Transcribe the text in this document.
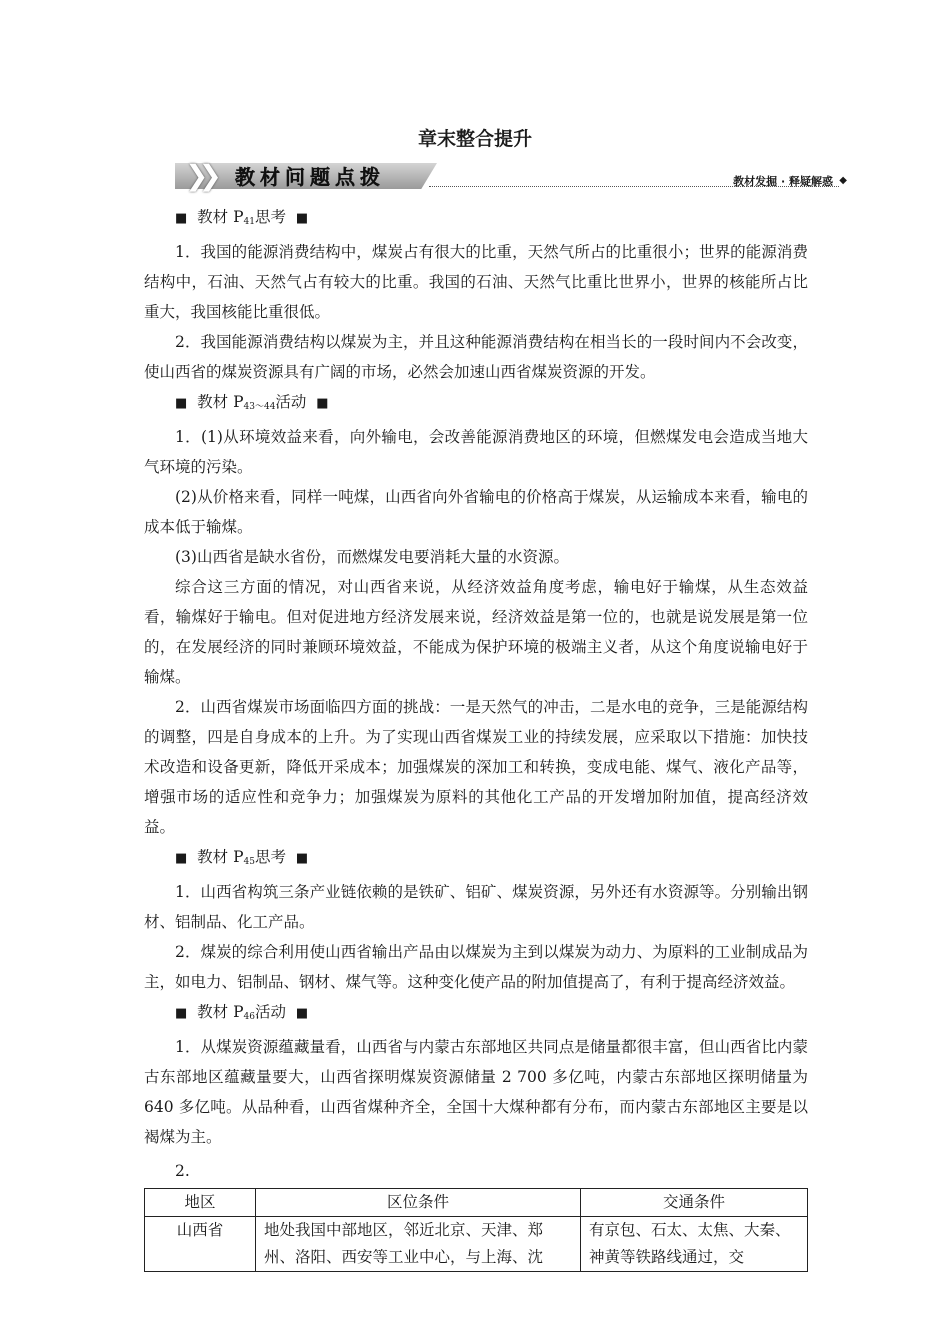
章末整合提升
❯❯	教材问题点拨	教材发掘 · 释疑解惑 ◆

■ 教材 $P_{41}$思考 ■

1．我国的能源消费结构中，煤炭占有很大的比重，天然气所占的比重很小；世界的能源消费结构中，石油、天然气占有较大的比重。我国的石油、天然气比重比世界小，世界的核能所占比重大，我国核能比重很低。

2．我国能源消费结构以煤炭为主，并且这种能源消费结构在相当长的一段时间内不会改变，使山西省的煤炭资源具有广阔的市场，必然会加速山西省煤炭资源的开发。

■ 教材 $P_{43\sim 44}$活动 ■

1．(1)从环境效益来看，向外输电，会改善能源消费地区的环境，但燃煤发电会造成当地大气环境的污染。

(2)从价格来看，同样一吨煤，山西省向外省输电的价格高于煤炭，从运输成本来看，输电的成本低于输煤。

(3)山西省是缺水省份，而燃煤发电要消耗大量的水资源。

综合这三方面的情况，对山西省来说，从经济效益角度考虑，输电好于输煤，从生态效益看，输煤好于输电。但对促进地方经济发展来说，经济效益是第一位的，也就是说发展是第一位的，在发展经济的同时兼顾环境效益，不能成为保护环境的极端主义者，从这个角度说输电好于输煤。

2．山西省煤炭市场面临四方面的挑战：一是天然气的冲击，二是水电的竞争，三是能源结构的调整，四是自身成本的上升。为了实现山西省煤炭工业的持续发展，应采取以下措施：加快技术改造和设备更新，降低开采成本；加强煤炭的深加工和转换，变成电能、煤气、液化产品等，增强市场的适应性和竞争力；加强煤炭为原料的其他化工产品的开发增加附加值，提高经济效益。

■ 教材 $P_{45}$思考 ■

1．山西省构筑三条产业链依赖的是铁矿、铝矿、煤炭资源，另外还有水资源等。分别输出钢材、铝制品、化工产品。

2．煤炭的综合利用使山西省输出产品由以煤炭为主到以煤炭为动力、为原料的工业制成品为主，如电力、铝制品、钢材、煤气等。这种变化使产品的附加值提高了，有利于提高经济效益。

■ 教材 $P_{46}$活动 ■

1．从煤炭资源蕴藏量看，山西省与内蒙古东部地区共同点是储量都很丰富，但山西省比内蒙古东部地区蕴藏量要大，山西省探明煤炭资源储量 2 700 多亿吨，内蒙古东部地区探明储量为 640 多亿吨。从品种看，山西省煤种齐全，全国十大煤种都有分布，而内蒙古东部地区主要是以褐煤为主。

2.

地区	区位条件	交通条件
山西省	地处我国中部地区，邻近北京、天津、郑州、洛阳、西安等工业中心，与上海、沈	有京包、石太、太焦、大秦、神黄等铁路线通过，交
